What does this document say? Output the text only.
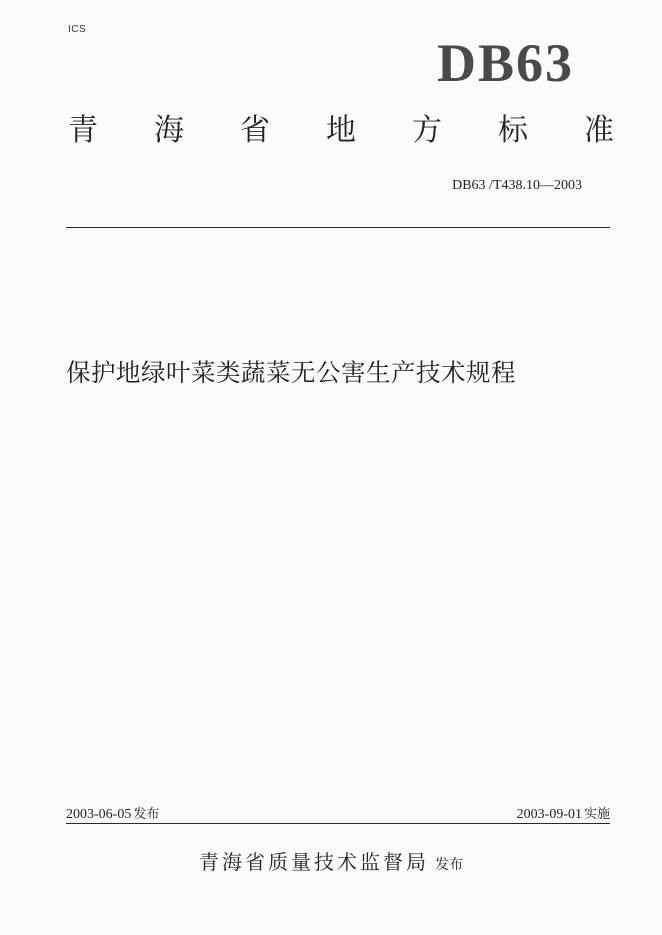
ICS
DB63
青 海 省 地 方 标 准
DB63 /T438.10—2003
保护地绿叶菜类蔬菜无公害生产技术规程
2003-06-05 发布	2003-09-01 实施
青海省质量技术监督局 发布
